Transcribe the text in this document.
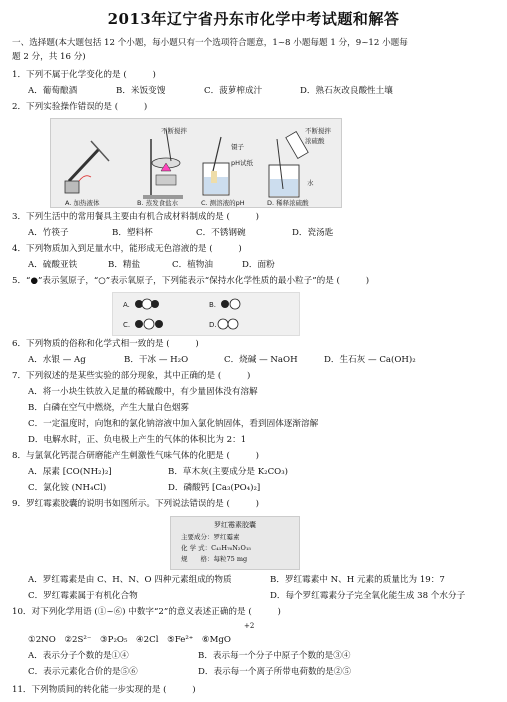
2013年辽宁省丹东市化学中考试题和解答
一、选择题(本大题包括 12 个小题，每小题只有一个选项符合题意，1~8 小题每题 1 分，9~12 小题每
题 2 分，共 16 分)
1．下列不属于化学变化的是 (　　　)
A．葡萄酿酒	B．米饭变馊	C．菠萝榨成汁	D．熟石灰改良酸性土壤
2．下列实验操作错误的是 (　　　)
不断搅拌
镊子
pH试纸
不断搅拌
浓硫酸
水
A. 加热液体	B. 蒸发食盐水	C. 测溶液的pH	D. 稀释浓硫酸
3．下列生活中的常用餐具主要由有机合成材料制成的是 (　　　)
A．竹筷子	B．塑料杯	C．不锈钢碗	D．瓷汤匙
4．下列物质加入到足量水中，能形成无色溶液的是 (　　　)
A．硫酸亚铁	B．精盐	C．植物油	D．面粉
5．“●”表示氢原子，“○”表示氧原子，下列能表示“保持水化学性质的最小粒子”的是 (　　　)
A.	B.
C.	D.
6．下列物质的俗称和化学式相一致的是 (　　　)
A．水银 — Ag	B．干冰 — H₂O	C．烧碱 — NaOH	D．生石灰 — Ca(OH)₂
7．下列叙述的是某些实验的部分现象，其中正确的是 (　　　)
A．将一小块生铁放入足量的稀硫酸中，有少量固体没有溶解
B．白磷在空气中燃烧，产生大量白色烟雾
C．一定温度时，向饱和的氯化钠溶液中加入氯化钠固体，看到固体逐渐溶解
D．电解水时，正、负电极上产生的气体的体积比为 2：1
8．与氯氧化钙混合研磨能产生刺激性气味气体的化肥是 (　　　)
A．尿素 [CO(NH₂)₂]	B．草木灰(主要成分是 K₂CO₃)
C．氯化铵 (NH₄Cl)	D．磷酸钙 [Ca₃(PO₄)₂]
9．罗红霉素胶囊的说明书如图所示。下列说法错误的是 (　　　)
罗红霉素胶囊
主要成分：罗红霉素
化 学 式：C₄₁H₇₆N₂O₁₅
规　　格：每粒75 mg
A．罗红霉素是由 C、H、N、O 四种元素组成的物质	B．罗红霉素中 N、H 元素的质量比为 19：7
C．罗红霉素属于有机化合物	D．每个罗红霉素分子完全氧化能生成 38 个水分子
10．对下列化学用语 (①~⑥) 中数字“2”的意义表述正确的是 (　　　)
+2
①2NO　②2S²⁻　③P₂O₅　④2Cl　⑤Fe²⁺　⑥MgO
A．表示分子个数的是①④	B．表示每一个分子中原子个数的是③④
C．表示元素化合价的是⑤⑥	D．表示每一个离子所带电荷数的是②⑤
11．下列物质间的转化能一步实现的是 (　　　)
